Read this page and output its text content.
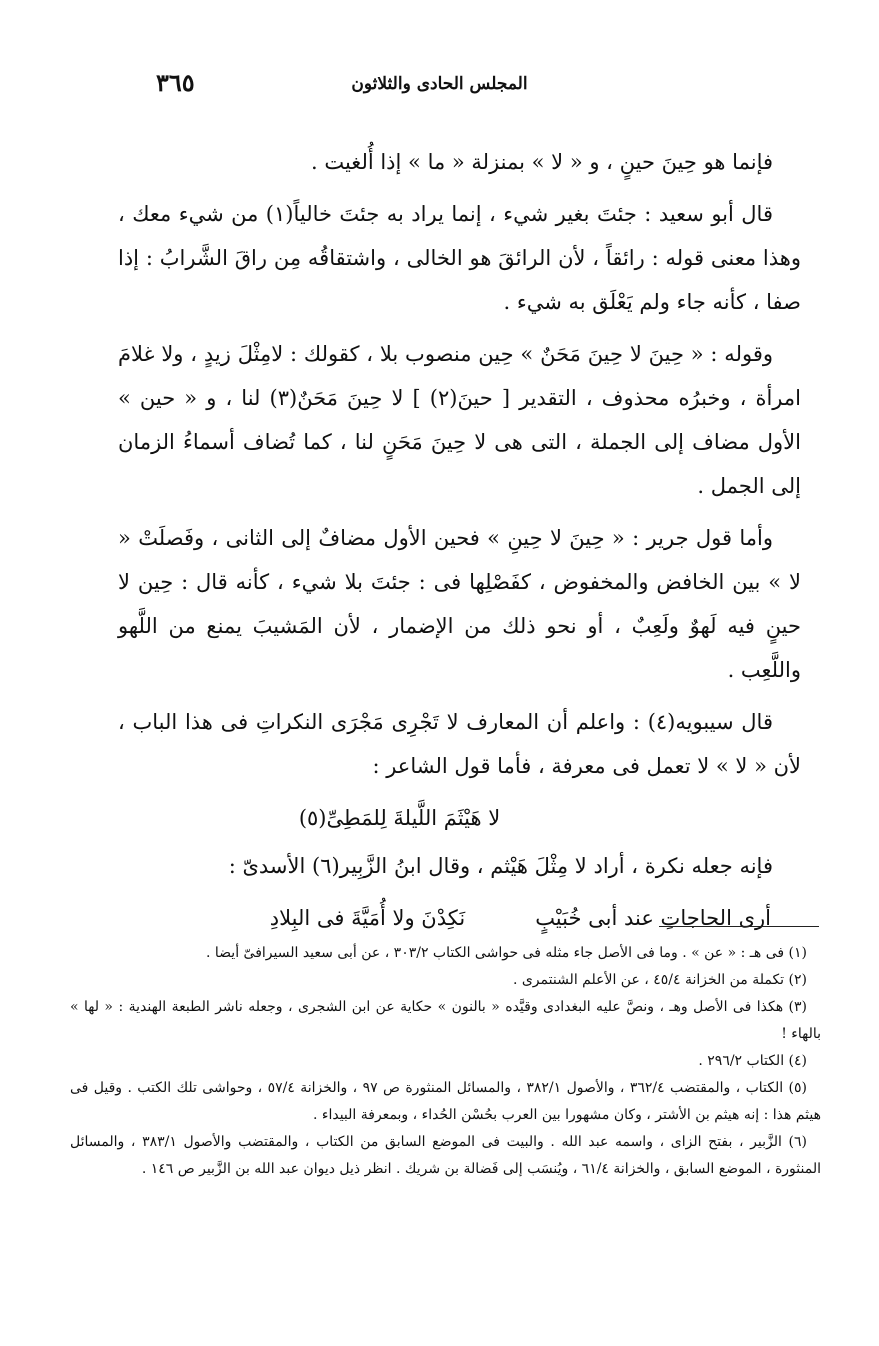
المجلس الحادى والثلاثون
٣٦٥

فإنما هو حِينَ حينٍ ، و « لا » بمنزلة « ما » إذا أُلغيت .

قال أبو سعيد : جئتَ بغير شيء ، إنما يراد به جئتَ خالياً(١) من شيء معك ، وهذا معنى قوله : رائقاً ، لأن الرائقَ هو الخالى ، واشتقاقُه مِن راقَ الشَّرابُ : إذا صفا ، كأنه جاء ولم يَعْلَق به شيء .

وقوله : « حِينَ لا حِينَ مَحَنٌ » حِين منصوب بلا ، كقولك : لامِثْلَ زيدٍ ، ولا غلامَ امرأة ، وخبرُه محذوف ، التقدير [ حينَ(٢) ] لا حِينَ مَحَنٌ(٣) لنا ، و « حين » الأول مضاف إلى الجملة ، التى هى لا حِينَ مَحَنٍ لنا ، كما تُضاف أسماءُ الزمان إلى الجمل .

وأما قول جرير : « حِينَ لا حِينِ » فحين الأول مضافٌ إلى الثانى ، وفَصلَتْ « لا » بين الخافض والمخفوض ، كفَصْلِها فى : جئتَ بلا شيء ، كأنه قال : حِين لا حينٍ فيه لَهوٌ ولَعِبٌ ، أو نحو ذلك من الإضمار ، لأن المَشيبَ يمنع من اللَّهو واللَّعِب .

قال سيبويه(٤) : واعلم أن المعارف لا تَجْرِى مَجْرَى النكراتِ فى هذا الباب ، لأن « لا » لا تعمل فى معرفة ، فأما قول الشاعر :

لا هَيْثَمَ اللَّيلةَ لِلمَطِىِّ(٥)

فإنه جعله نكرة ، أراد لا مِثْلَ هَيْثم ، وقال ابنُ الزَّبِير(٦) الأسدىّ :

أرى الحاجاتِ عند أبى خُبَيْبٍ
نَكِدْنَ ولا أُمَيَّةَ فى البِلادِ

(١) فى هـ : « عن » . وما فى الأصل جاء مثله فى حواشى الكتاب ٣٠٣/٢ ، عن أبى سعيد السيرافىّ أيضا .

(٢) تكملة من الخزانة ٤٥/٤ ، عن الأعلم الشنتمرى .

(٣) هكذا فى الأصل وهـ ، ونصَّ عليه البغدادى وقيَّده « بالنون » حكاية عن ابن الشجرى ، وجعله ناشر الطبعة الهندية : « لها » بالهاء !

(٤) الكتاب ٢٩٦/٢ .

(٥) الكتاب ، والمقتضب ٣٦٢/٤ ، والأصول ٣٨٢/١ ، والمسائل المنثورة ص ٩٧ ، والخزانة ٥٧/٤ ، وحواشى تلك الكتب . وقيل فى هيثم هذا : إنه هيثم بن الأشتر ، وكان مشهورا بين العرب بحُسْن الحُداء ، وبمعرفة البيداء .

(٦) الزَّبير ، بفتح الزاى ، واسمه عبد الله . والبيت فى الموضع السابق من الكتاب ، والمقتضب والأصول ٣٨٣/١ ، والمسائل المنثورة ، الموضع السابق ، والخزانة ٦١/٤ ، ويُنسَب إلى فَضالة بن شريك . انظر ذيل ديوان عبد الله بن الزَّبير ص ١٤٦ .
